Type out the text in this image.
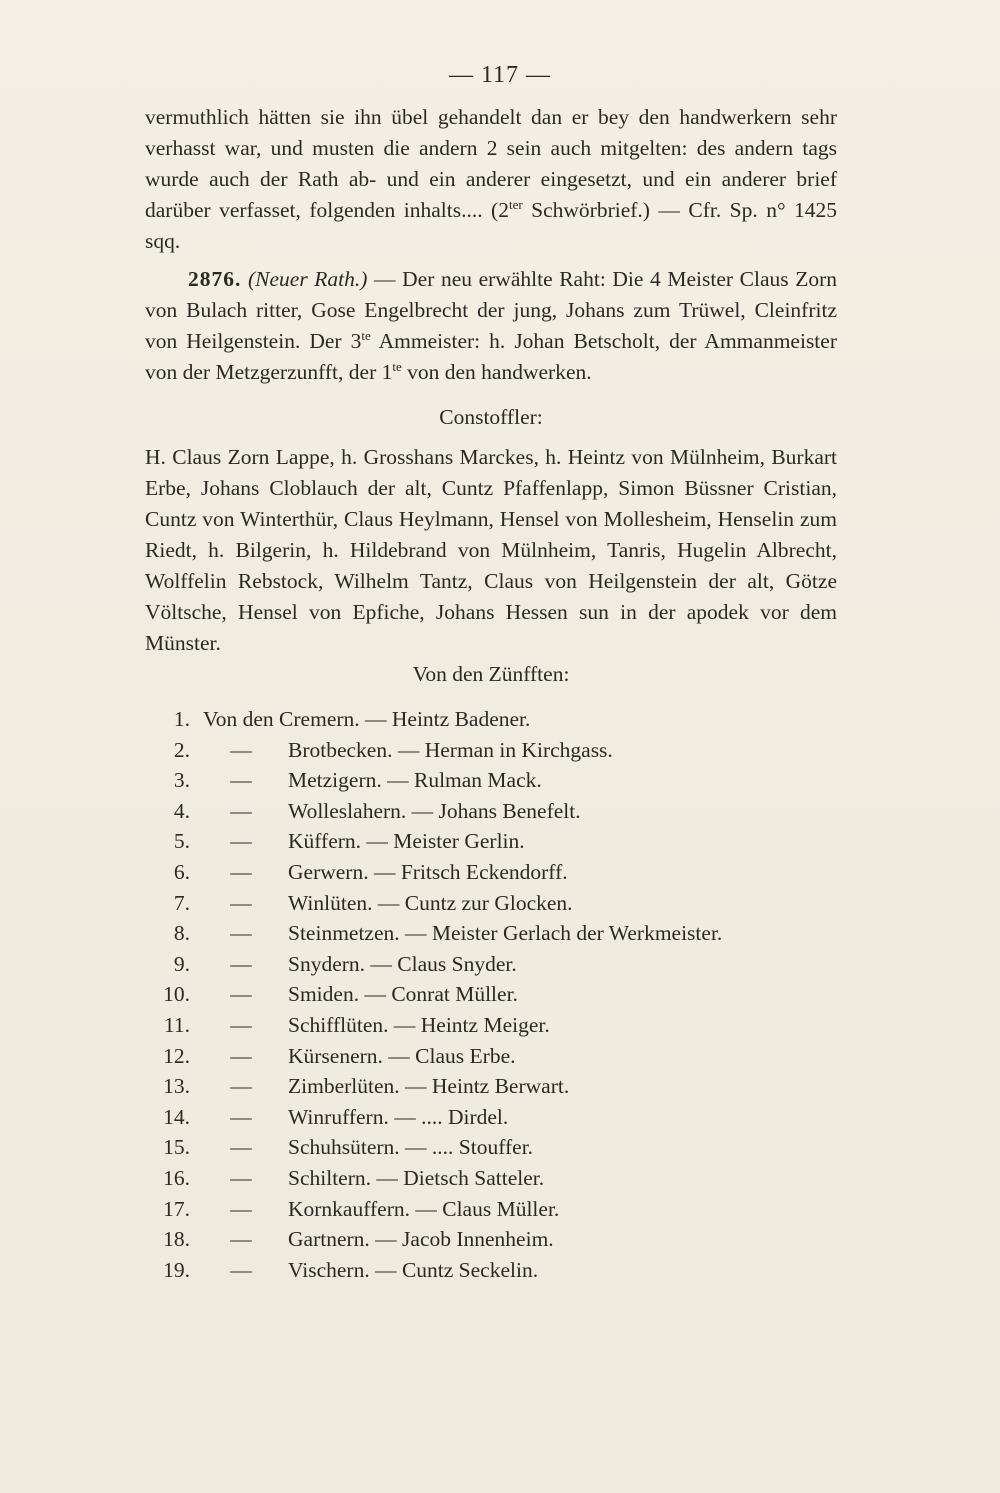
— 117 —

vermuthlich hätten sie ihn übel gehandelt dan er bey den handwerkern sehr verhasst war, und musten die andern 2 sein auch mitgelten: des andern tags wurde auch der Rath ab- und ein anderer eingesetzt, und ein anderer brief darüber verfasset, folgenden inhalts.... ($2^{ter}$ Schwörbrief.) — Cfr. Sp. n° 1425 sqq.

  2876. (Neuer Rath.) — Der neu erwählte Raht: Die 4 Meister Claus Zorn von Bulach ritter, Gose Engelbrecht der jung, Johans zum Trüwel, Cleinfritz von Heilgenstein. Der $3^{te}$ Ammeister: h. Johan Betscholt, der Ammanmeister von der Metzgerzunfft, der $1^{te}$ von den handwerken.

Constoffler:

H. Claus Zorn Lappe, h. Grosshans Marckes, h. Heintz von Mülnheim, Burkart Erbe, Johans Cloblauch der alt, Cuntz Pfaffenlapp, Simon Büssner Cristian, Cuntz von Winterthür, Claus Heylmann, Hensel von Mollesheim, Henselin zum Riedt, h. Bilgerin, h. Hildebrand von Mülnheim, Tanris, Hugelin Albrecht, Wolffelin Rebstock, Wilhelm Tantz, Claus von Heilgenstein der alt, Götze Völtsche, Hensel von Epfiche, Johans Hessen sun in der apodek vor dem Münster.

Von den Zünfften:
1. Von den Cremern. — Heintz Badener.
2. — Brotbecken. — Herman in Kirchgass.
3. — Metzigern. — Rulman Mack.
4. — Wolleslahern. — Johans Benefelt.
5. — Küffern. — Meister Gerlin.
6. — Gerwern. — Fritsch Eckendorff.
7. — Winlüten. — Cuntz zur Glocken.
8. — Steinmetzen. — Meister Gerlach der Werkmeister.
9. — Snydern. — Claus Snyder.
10. — Smiden. — Conrat Müller.
11. — Schifflüten. — Heintz Meiger.
12. — Kürsenern. — Claus Erbe.
13. — Zimberlüten. — Heintz Berwart.
14. — Winruffern. — .... Dirdel.
15. — Schuhsütern. — .... Stouffer.
16. — Schiltern. — Dietsch Satteler.
17. — Kornkauffern. — Claus Müller.
18. — Gartnern. — Jacob Innenheim.
19. — Vischern. — Cuntz Seckelin.
